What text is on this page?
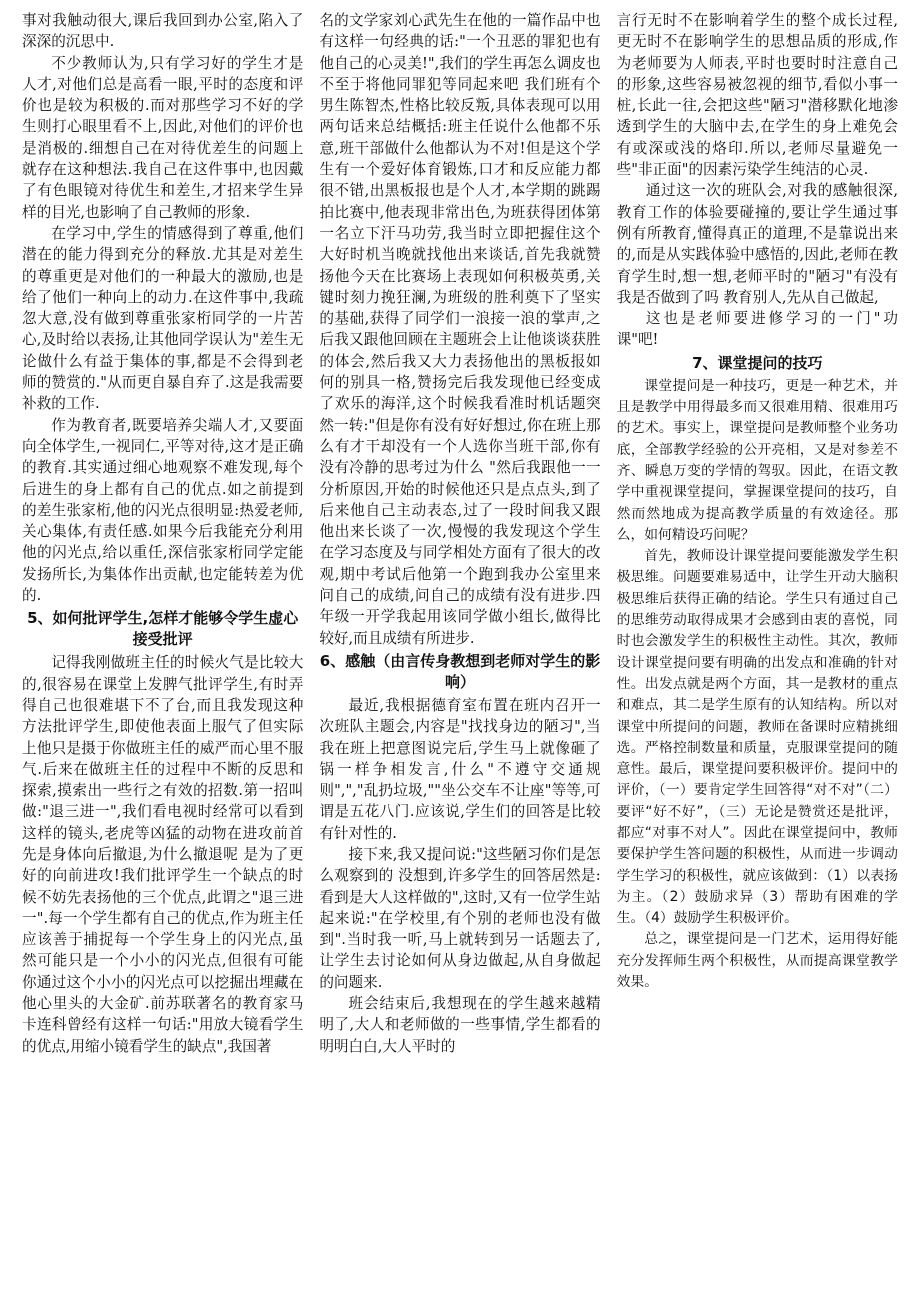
事对我触动很大,课后我回到办公室,陷入了深深的沉思中.

不少教师认为,只有学习好的学生才是人才,对他们总是高看一眼,平时的态度和评价也是较为积极的.而对那些学习不好的学生则打心眼里看不上,因此,对他们的评价也是消极的.细想自己在对待优差生的问题上就存在这种想法.我自己在这件事中,也因戴了有色眼镜对待优生和差生,才招来学生异样的目光,也影响了自己教师的形象.

在学习中,学生的情感得到了尊重,他们潜在的能力得到充分的释放.尤其是对差生的尊重更是对他们的一种最大的激励,也是给了他们一种向上的动力.在这件事中,我疏忽大意,没有做到尊重张家桁同学的一片苦心,及时给以表扬,让其他同学误认为"差生无论做什么有益于集体的事,都是不会得到老师的赞赏的."从而更自暴自弃了.这是我需要补救的工作.

作为教育者,既要培养尖端人才,又要面向全体学生,一视同仁,平等对待,这才是正确的教育.其实通过细心地观察不难发现,每个后进生的身上都有自己的优点.如之前提到的差生张家桁,他的闪光点很明显:热爱老师,关心集体,有责任感.如果今后我能充分利用他的闪光点,给以重任,深信张家桁同学定能发扬所长,为集体作出贡献,也定能转差为优的.

5、如何批评学生,怎样才能够令学生虚心接受批评

记得我刚做班主任的时候火气是比较大的,很容易在课堂上发脾气批评学生,有时弄得自己也很难堪下不了台,而且我发现这种方法批评学生,即使他表面上服气了但实际上他只是摄于你做班主任的威严而心里不服气.后来在做班主任的过程中不断的反思和探索,摸索出一些行之有效的招数.第一招叫做:"退三进一",我们看电视时经常可以看到这样的镜头,老虎等凶猛的动物在进攻前首先是身体向后撤退,为什么撤退呢 是为了更好的向前进攻!我们批评学生一个缺点的时候不妨先表扬他的三个优点,此谓之"退三进一".每一个学生都有自己的优点,作为班主任应该善于捕捉每一个学生身上的闪光点,虽然可能只是一个小小的闪光点,但很有可能你通过这个小小的闪光点可以挖掘出埋藏在他心里头的大金矿.前苏联著名的教育家马卡连科曾经有这样一句话:"用放大镜看学生的优点,用缩小镜看学生的缺点",我国著

名的文学家刘心武先生在他的一篇作品中也有这样一句经典的话:"一个丑恶的罪犯也有他自己的心灵美!",我们的学生再怎么调皮也不至于将他同罪犯等同起来吧 我们班有个男生陈智杰,性格比较反叛,具体表现可以用两句话来总结概括:班主任说什么他都不乐意,班干部做什么他都认为不对!但是这个学生有一个爱好体育锻炼,口才和反应能力都很不错,出黑板报也是个人才,本学期的跳踢拍比赛中,他表现非常出色,为班获得团体第一名立下汗马功劳,我当时立即把握住这个大好时机当晚就找他出来谈话,首先我就赞扬他今天在比赛场上表现如何积极英勇,关键时刻力挽狂澜,为班级的胜利奠下了坚实的基础,获得了同学们一浪接一浪的掌声,之后我又跟他回顾在主题班会上让他谈谈获胜的体会,然后我又大力表扬他出的黑板报如何的别具一格,赞扬完后我发现他已经变成了欢乐的海洋,这个时候我看准时机话题突然一转:"但是你有没有好好想过,你在班上那么有才干却没有一个人选你当班干部,你有没有冷静的思考过为什么 "然后我跟他一一分析原因,开始的时候他还只是点点头,到了后来他自己主动表态,过了一段时间我又跟他出来长谈了一次,慢慢的我发现这个学生在学习态度及与同学相处方面有了很大的改观,期中考试后他第一个跑到我办公室里来问自己的成绩,问自己的成绩有没有进步.四年级一开学我起用该同学做小组长,做得比较好,而且成绩有所进步.

6、感触（由言传身教想到老师对学生的影响）

最近,我根据德育室布置在班内召开一次班队主题会,内容是"找找身边的陋习",当我在班上把意图说完后,学生马上就像砸了锅一样争相发言,什么"不遵守交通规则",","乱扔垃圾,""坐公交车不让座"等等,可谓是五花八门.应该说,学生们的回答是比较有针对性的.

接下来,我又提问说:"这些陋习你们是怎么观察到的 没想到,许多学生的回答居然是:看到是大人这样做的",这时,又有一位学生站起来说:"在学校里,有个别的老师也没有做到".当时我一听,马上就转到另一话题去了,让学生去讨论如何从身边做起,从自身做起的问题来.

班会结束后,我想现在的学生越来越精明了,大人和老师做的一些事情,学生都看的明明白白,大人平时的

言行无时不在影响着学生的整个成长过程,更无时不在影响学生的思想品质的形成,作为老师要为人师表,平时也要时时注意自己的形象,这些容易被忽视的细节,看似小事一桩,长此一往,会把这些"陋习"潜移默化地渗透到学生的大脑中去,在学生的身上难免会有或深或浅的烙印.所以,老师尽量避免一些"非正面"的因素污染学生纯洁的心灵.

通过这一次的班队会,对我的感触很深,教育工作的体验要碰撞的,要让学生通过事例有所教育,懂得真正的道理,不是靠说出来的,而是从实践体验中感悟的,因此,老师在教育学生时,想一想,老师平时的"陋习"有没有我是否做到了吗 教育别人,先从自己做起,

这也是老师要进修学习的一门"功课"吧!

7、课堂提问的技巧

课堂提问是一种技巧，更是一种艺术，并且是教学中用得最多而又很难用精、很难用巧的艺术。事实上，课堂提问是教师整个业务功底，全部教学经验的公开亮相，又是对参差不齐、瞬息万变的学情的驾驭。因此，在语文教学中重视课堂提问，掌握课堂提问的技巧，自然而然地成为提高教学质量的有效途径。那么，如何精设巧问呢？

首先，教师设计课堂提问要能激发学生积极思维。问题要难易适中，让学生开动大脑积极思维后获得正确的结论。学生只有通过自己的思维劳动取得成果才会感到由衷的喜悦，同时也会激发学生的积极性主动性。其次，教师设计课堂提问要有明确的出发点和准确的针对性。出发点就是两个方面，其一是教材的重点和难点，其二是学生原有的认知结构。所以对课堂中所提问的问题，教师在备课时应精挑细选。严格控制数量和质量，克服课堂提问的随意性。最后，课堂提问要积极评价。提问中的评价，（一）要肯定学生回答得“对不对”（二）要评“好不好”，（三）无论是赞赏还是批评，都应“对事不对人”。因此在课堂提问中，教师要保护学生答问题的积极性，从而进一步调动学生学习的积极性，就应该做到：（1）以表扬为主。（2）鼓励求异（3）帮助有困难的学生。（4）鼓励学生积极评价。

总之，课堂提问是一门艺术，运用得好能充分发挥师生两个积极性，从而提高课堂教学效果。
